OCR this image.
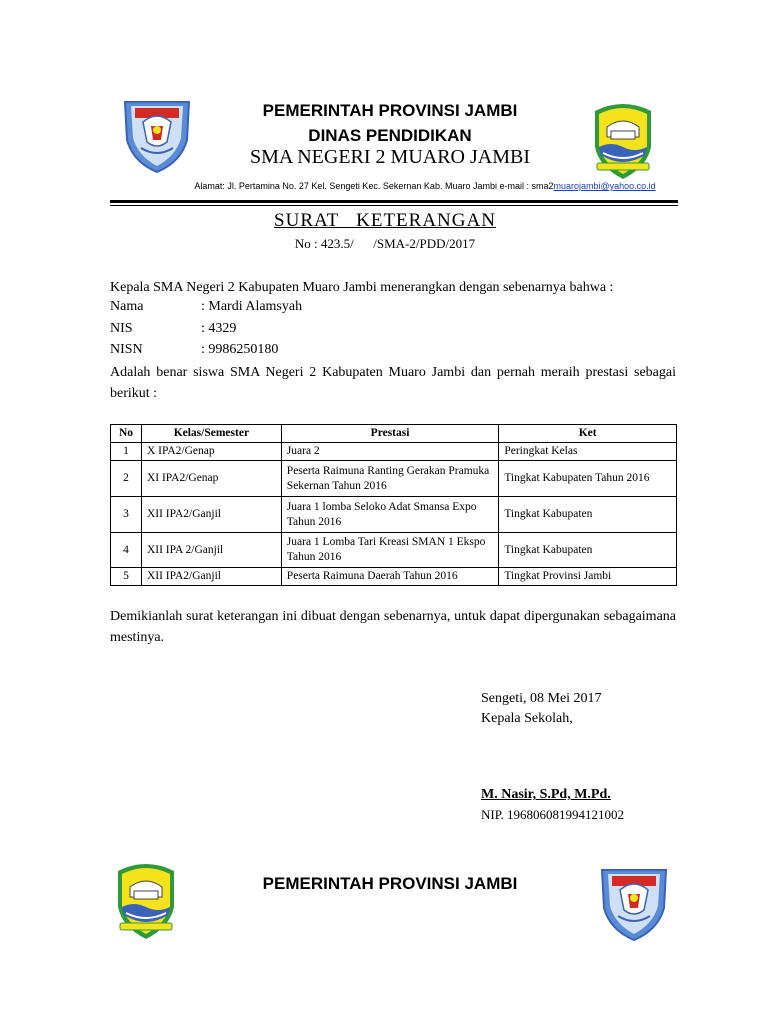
PEMERINTAH PROVINSI JAMBI
DINAS PENDIDIKAN
SMA NEGERI 2 MUARO JAMBI
Alamat: Jl. Pertamina No. 27 Kel. Sengeti Kec. Sekernan Kab. Muaro Jambi e-mail : sma2muarojambi@yahoo.co.id
SURAT   KETERANGAN
No : 423.5/      /SMA-2/PDD/2017
Kepala SMA Negeri 2 Kabupaten Muaro Jambi menerangkan dengan sebenarnya bahwa :
Nama	: Mardi Alamsyah
NIS	: 4329
NISN	: 9986250180
Adalah benar siswa SMA Negeri 2 Kabupaten Muaro Jambi dan pernah meraih prestasi sebagai berikut :
No	Kelas/Semester	Prestasi	Ket
1	X IPA2/Genap	Juara 2	Peringkat Kelas
2	XI IPA2/Genap	Peserta Raimuna Ranting Gerakan Pramuka Sekernan Tahun 2016	Tingkat Kabupaten Tahun 2016
3	XII IPA2/Ganjil	Juara 1 lomba Seloko Adat Smansa Expo Tahun 2016	Tingkat Kabupaten
4	XII IPA 2/Ganjil	Juara 1 Lomba Tari Kreasi SMAN 1 Ekspo Tahun 2016	Tingkat Kabupaten
5	XII IPA2/Ganjil	Peserta Raimuna Daerah Tahun 2016	Tingkat Provinsi Jambi
Demikianlah surat keterangan ini dibuat dengan sebenarnya, untuk dapat dipergunakan sebagaimana mestinya.
Sengeti, 08 Mei 2017
Kepala Sekolah,
M. Nasir, S.Pd, M.Pd.
NIP. 196806081994121002
PEMERINTAH PROVINSI JAMBI
